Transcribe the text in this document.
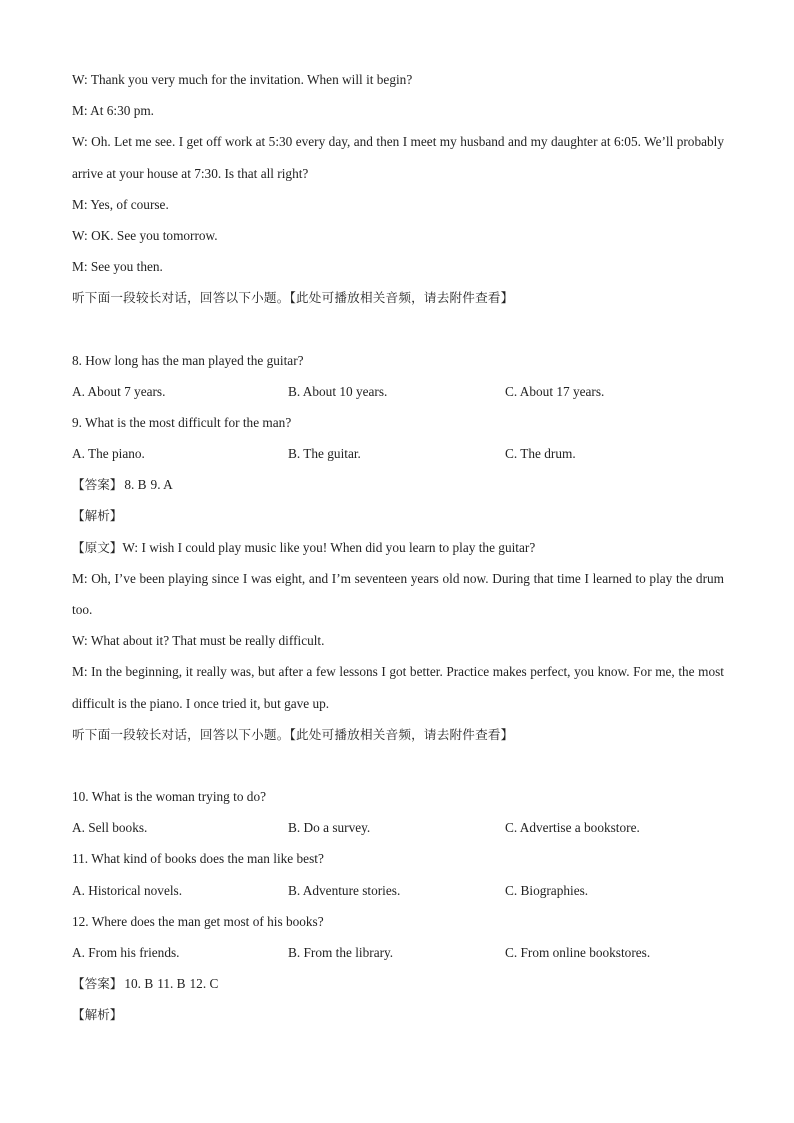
W: Thank you very much for the invitation. When will it begin?
M: At 6:30 pm.
W: Oh. Let me see. I get off work at 5:30 every day, and then I meet my husband and my daughter at 6:05. We’ll probably arrive at your house at 7:30. Is that all right?
M: Yes, of course.
W: OK. See you tomorrow.
M: See you then.
听下面一段较长对话，回答以下小题。【此处可播放相关音频，请去附件查看】
8. How long has the man played the guitar?
A. About 7 years.	B. About 10 years.	C. About 17 years.
9. What is the most difficult for the man?
A. The piano.	B. The guitar.	C. The drum.
【答案】 8. B 9. A
【解析】
【原文】W: I wish I could play music like you! When did you learn to play the guitar?
M: Oh, I’ve been playing since I was eight, and I’m seventeen years old now. During that time I learned to play the drum too.
W: What about it? That must be really difficult.
M: In the beginning, it really was, but after a few lessons I got better. Practice makes perfect, you know. For me, the most difficult is the piano. I once tried it, but gave up.
听下面一段较长对话，回答以下小题。【此处可播放相关音频，请去附件查看】
10. What is the woman trying to do?
A. Sell books.	B. Do a survey.	C. Advertise a bookstore.
11. What kind of books does the man like best?
A. Historical novels.	B. Adventure stories.	C. Biographies.
12. Where does the man get most of his books?
A. From his friends.	B. From the library.	C. From online bookstores.
【答案】 10. B 11. B 12. C
【解析】
